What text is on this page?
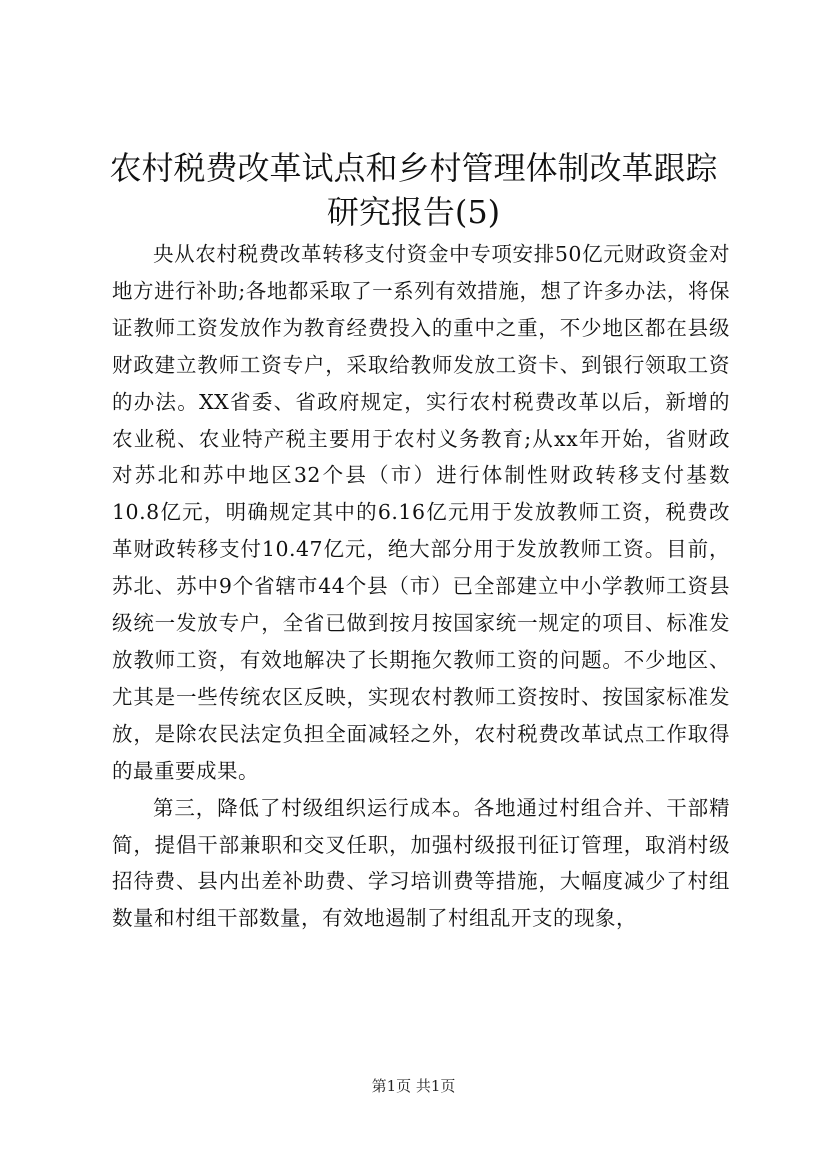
农村税费改革试点和乡村管理体制改革跟踪研究报告(5)

央从农村税费改革转移支付资金中专项安排50亿元财政资金对地方进行补助;各地都采取了一系列有效措施，想了许多办法，将保证教师工资发放作为教育经费投入的重中之重，不少地区都在县级财政建立教师工资专户，采取给教师发放工资卡、到银行领取工资的办法。XX省委、省政府规定，实行农村税费改革以后，新增的农业税、农业特产税主要用于农村义务教育;从xx年开始，省财政对苏北和苏中地区32个县（市）进行体制性财政转移支付基数10.8亿元，明确规定其中的6.16亿元用于发放教师工资，税费改革财政转移支付10.47亿元，绝大部分用于发放教师工资。目前，苏北、苏中9个省辖市44个县（市）已全部建立中小学教师工资县级统一发放专户，全省已做到按月按国家统一规定的项目、标准发放教师工资，有效地解决了长期拖欠教师工资的问题。不少地区、尤其是一些传统农区反映，实现农村教师工资按时、按国家标准发放，是除农民法定负担全面减轻之外，农村税费改革试点工作取得的最重要成果。

第三，降低了村级组织运行成本。各地通过村组合并、干部精简，提倡干部兼职和交叉任职，加强村级报刊征订管理，取消村级招待费、县内出差补助费、学习培训费等措施，大幅度减少了村组数量和村组干部数量，有效地遏制了村组乱开支的现象，

第1页 共1页
